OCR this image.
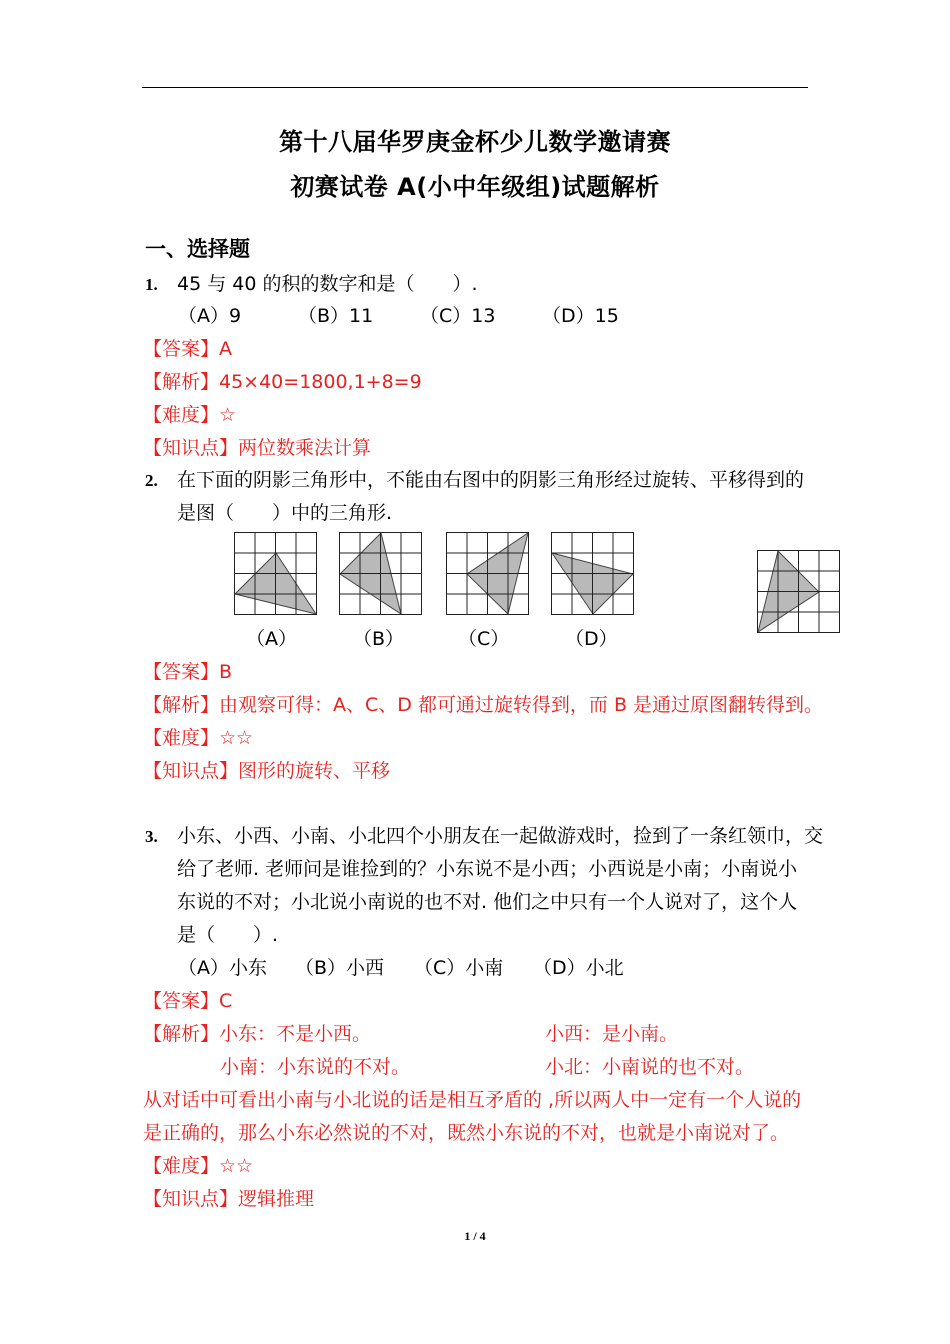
第十八届华罗庚金杯少儿数学邀请赛
初赛试卷 A(小中年级组)试题解析
一、选择题
1. 45 与 40 的积的数字和是（　　）.
（A）9	（B）11 （C）13 （D）15
【答案】A
【解析】45×40=1800,1+8=9
【难度】☆
【知识点】两位数乘法计算
2. 在下面的阴影三角形中，不能由右图中的阴影三角形经过旋转、平移得到的
是图（　　）中的三角形.
（A）	（B）	（C）	（D）
【答案】B
【解析】由观察可得：A、C、D 都可通过旋转得到，而 B 是通过原图翻转得到。
【难度】☆☆
【知识点】图形的旋转、平移
3. 小东、小西、小南、小北四个小朋友在一起做游戏时，捡到了一条红领巾，交
给了老师. 老师问是谁捡到的？小东说不是小西；小西说是小南；小南说小
东说的不对；小北说小南说的也不对. 他们之中只有一个人说对了，这个人
是（　　）.
（A）小东 （B）小西 （C）小南 （D）小北
【答案】C
【解析】小东：不是小西。	小西：是小南。
小南：小东说的不对。	小北：小南说的也不对。
从对话中可看出小南与小北说的话是相互矛盾的 ,所以两人中一定有一个人说的
是正确的，那么小东必然说的不对，既然小东说的不对，也就是小南说对了。
【难度】☆☆
【知识点】逻辑推理
1 / 4
